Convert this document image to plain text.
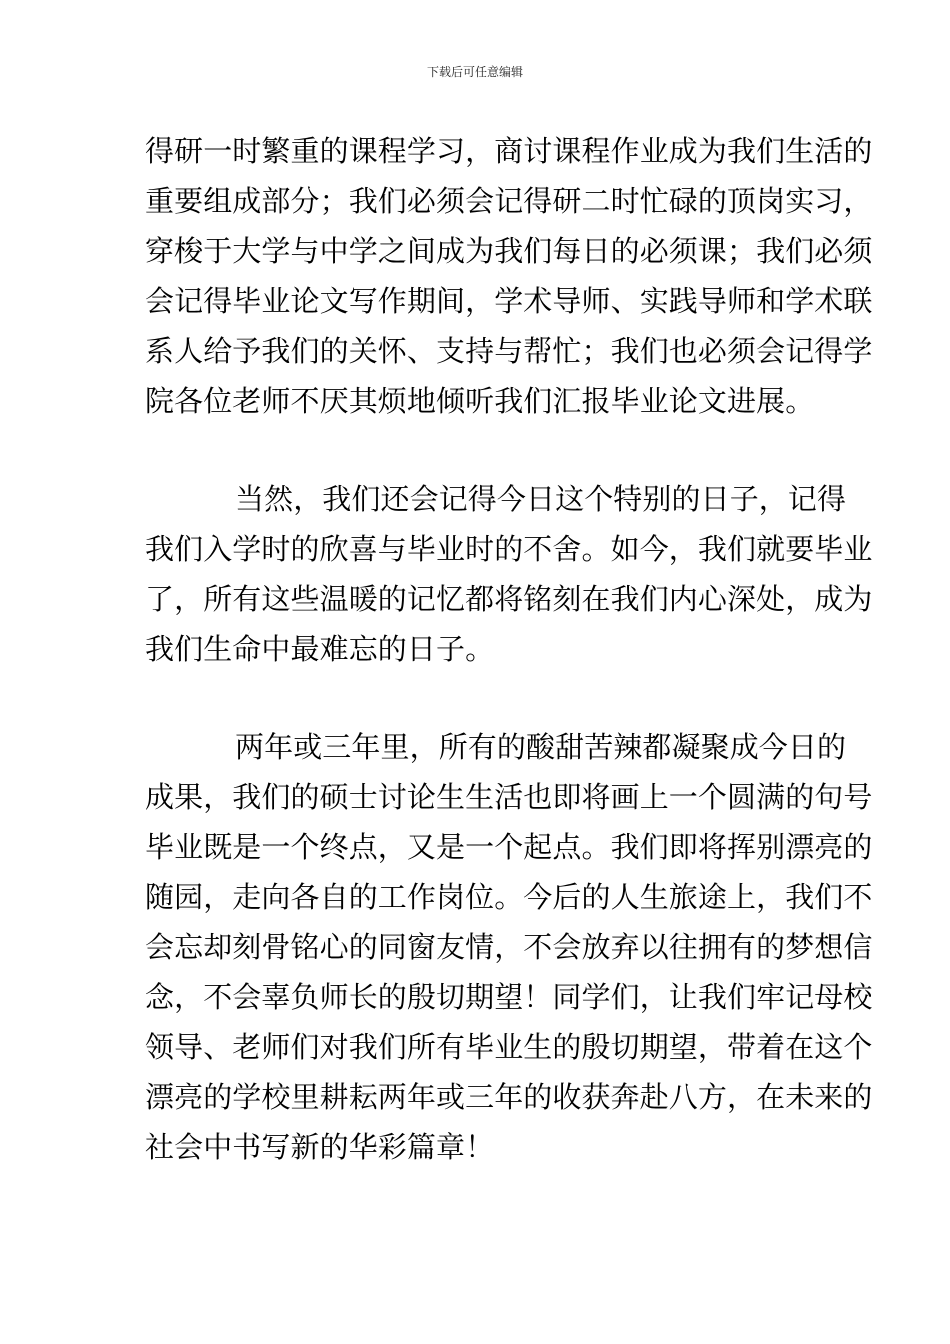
下载后可任意编辑
得研一时繁重的课程学习，商讨课程作业成为我们生活的
重要组成部分；我们必须会记得研二时忙碌的顶岗实习，
穿梭于大学与中学之间成为我们每日的必须课；我们必须
会记得毕业论文写作期间，学术导师、实践导师和学术联
系人给予我们的关怀、支持与帮忙；我们也必须会记得学
院各位老师不厌其烦地倾听我们汇报毕业论文进展。
当然，我们还会记得今日这个特别的日子，记得
我们入学时的欣喜与毕业时的不舍。如今，我们就要毕业
了，所有这些温暖的记忆都将铭刻在我们内心深处，成为
我们生命中最难忘的日子。
两年或三年里，所有的酸甜苦辣都凝聚成今日的
成果，我们的硕士讨论生生活也即将画上一个圆满的句号
毕业既是一个终点，又是一个起点。我们即将挥别漂亮的
随园，走向各自的工作岗位。今后的人生旅途上，我们不
会忘却刻骨铭心的同窗友情，不会放弃以往拥有的梦想信
念，不会辜负师长的殷切期望！同学们，让我们牢记母校
领导、老师们对我们所有毕业生的殷切期望，带着在这个
漂亮的学校里耕耘两年或三年的收获奔赴八方，在未来的
社会中书写新的华彩篇章！
